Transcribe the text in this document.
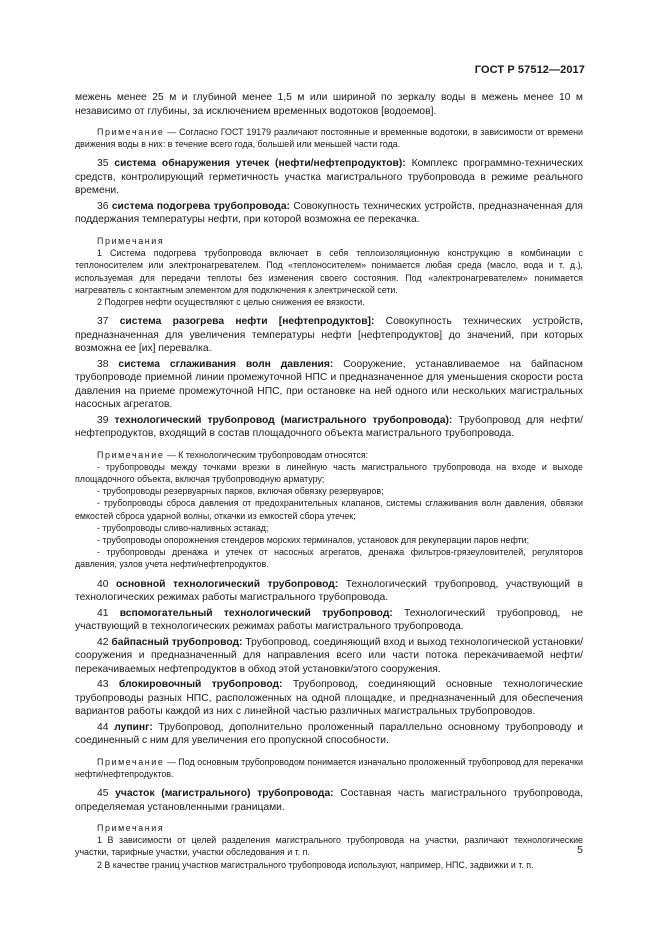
ГОСТ Р 57512—2017

межень менее 25 м и глубиной менее 1,5 м или шириной по зеркалу воды в межень менее 10 м независимо от глубины, за исключением временных водотоков [водоемов].

Примечание — Согласно ГОСТ 19179 различают постоянные и временные водотоки, в зависимости от времени движения воды в них: в течение всего года, большей или меньшей части года.

35 система обнаружения утечек (нефти/нефтепродуктов): Комплекс программно-технических средств, контролирующий герметичность участка магистрального трубопровода в режиме реального времени.

36 система подогрева трубопровода: Совокупность технических устройств, предназначенная для поддержания температуры нефти, при которой возможна ее перекачка.

Примечания

1 Система подогрева трубопровода включает в себя теплоизоляционную конструкцию в комбинации с теплоносителем или электронагревателем. Под «теплоносителем» понимается любая среда (масло, вода и т. д.), используемая для передачи теплоты без изменения своего состояния. Под «электронагревателем» понимается нагреватель с контактным элементом для подключения к электрической сети.

2 Подогрев нефти осуществляют с целью снижения ее вязкости.

37 система разогрева нефти [нефтепродуктов]: Совокупность технических устройств, предназначенная для увеличения температуры нефти [нефтепродуктов] до значений, при которых возможна ее [их] перевалка.

38 система сглаживания волн давления: Сооружение, устанавливаемое на байпасном трубопроводе приемной линии промежуточной НПС и предназначенное для уменьшения скорости роста давления на приеме промежуточной НПС, при остановке на ней одного или нескольких магистральных насосных агрегатов.

39 технологический трубопровод (магистрального трубопровода): Трубопровод для нефти/нефтепродуктов, входящий в состав площадочного объекта магистрального трубопровода.

Примечание — К технологическим трубопроводам относятся:

- трубопроводы между точками врезки в линейную часть магистрального трубопровода на входе и выходе площадочного объекта, включая трубопроводную арматуру;

- трубопроводы резервуарных парков, включая обвязку резервуаров;

- трубопроводы сброса давления от предохранительных клапанов, системы сглаживания волн давления, обвязки емкостей сброса ударной волны, откачки из емкостей сбора утечек;

- трубопроводы сливо-наливных эстакад;

- трубопроводы опорожнения стендеров морских терминалов, установок для рекуперации паров нефти;

- трубопроводы дренажа и утечек от насосных агрегатов, дренажа фильтров-грязеуловителей, регуляторов давления, узлов учета нефти/нефтепродуктов.

40 основной технологический трубопровод: Технологический трубопровод, участвующий в технологических режимах работы магистрального трубопровода.

41 вспомогательный технологический трубопровод: Технологический трубопровод, не участвующий в технологических режимах работы магистрального трубопровода.

42 байпасный трубопровод: Трубопровод, соединяющий вход и выход технологической установки/сооружения и предназначенный для направления всего или части потока перекачиваемой нефти/перекачиваемых нефтепродуктов в обход этой установки/этого сооружения.

43 блокировочный трубопровод: Трубопровод, соединяющий основные технологические трубопроводы разных НПС, расположенных на одной площадке, и предназначенный для обеспечения вариантов работы каждой из них с линейной частью различных магистральных трубопроводов.

44 лупинг: Трубопровод, дополнительно проложенный параллельно основному трубопроводу и соединенный с ним для увеличения его пропускной способности.

Примечание — Под основным трубопроводом понимается изначально проложенный трубопровод для перекачки нефти/нефтепродуктов.

45 участок (магистрального) трубопровода: Составная часть магистрального трубопровода, определяемая установленными границами.

Примечания

1 В зависимости от целей разделения магистрального трубопровода на участки, различают технологические участки, тарифные участки, участки обследования и т. п.

2 В качестве границ участков магистрального трубопровода используют, например, НПС, задвижки и т. п.

5
